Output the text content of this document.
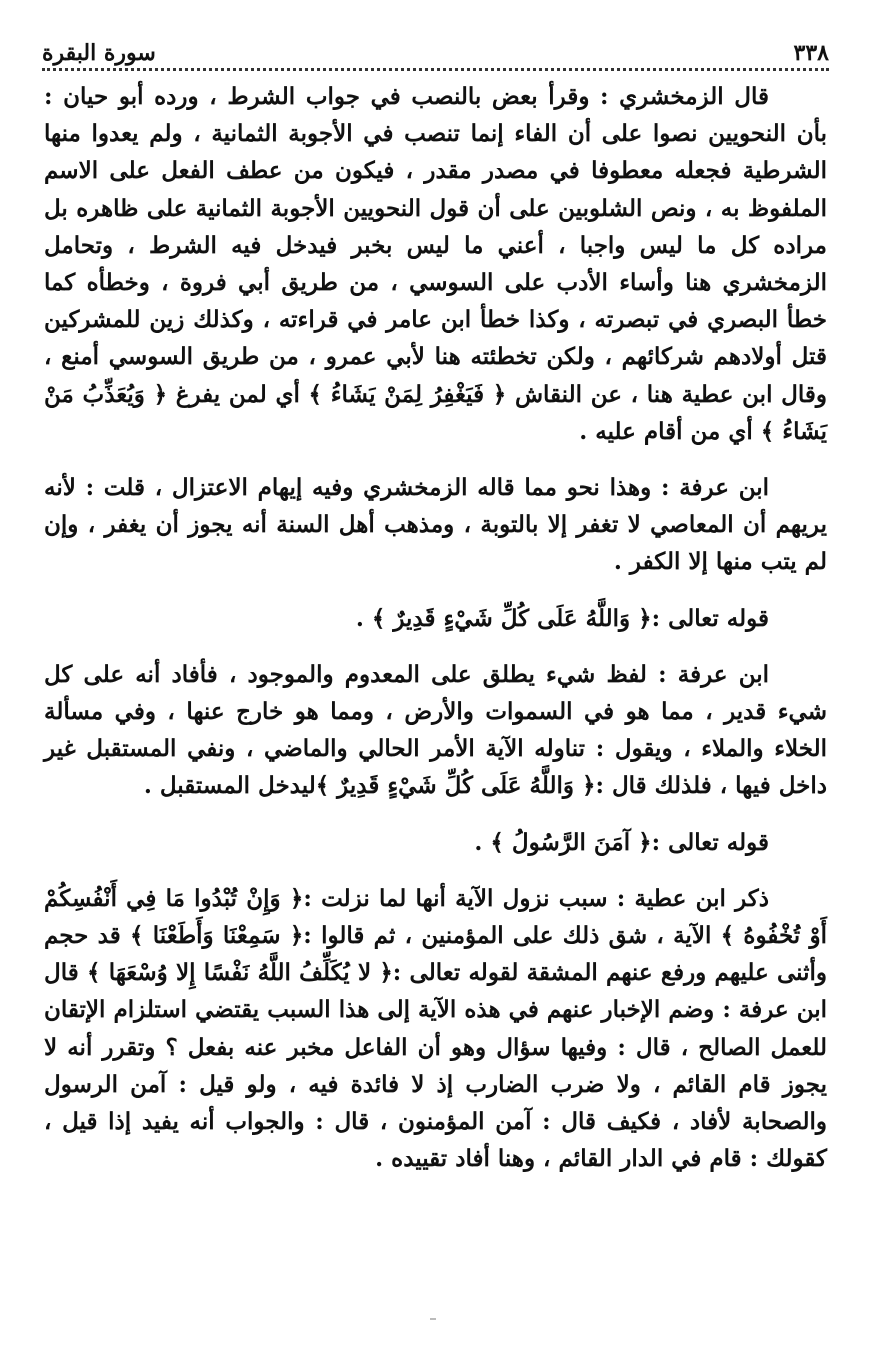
٣٣٨
سورة البقرة

قال الزمخشري : وقرأ بعض بالنصب في جواب الشرط ، ورده أبو حيان : بأن النحويين نصوا على أن الفاء إنما تنصب في الأجوبة الثمانية ، ولم يعدوا منها الشرطية فجعله معطوفا في مصدر مقدر ، فيكون من عطف الفعل على الاسم الملفوظ به ، ونص الشلوبين على أن قول النحويين الأجوبة الثمانية على ظاهره بل مراده كل ما ليس واجبا ، أعني ما ليس بخبر فيدخل فيه الشرط ، وتحامل الزمخشري هنا وأساء الأدب على السوسي ، من طريق أبي فروة ، وخطأه كما خطأ البصري في تبصرته ، وكذا خطأ ابن عامر في قراءته ، وكذلك زين للمشركين قتل أولادهم شركائهم ، ولكن تخطئته هنا لأبي عمرو ، من طريق السوسي أمنع ، وقال ابن عطية هنا ، عن النقاش ﴿ فَيَغْفِرُ لِمَنْ يَشَاءُ ﴾ أي لمن يفرغ ﴿ وَيُعَذِّبُ مَنْ يَشَاءُ ﴾ أي من أقام عليه .

ابن عرفة : وهذا نحو مما قاله الزمخشري وفيه إيهام الاعتزال ، قلت : لأنه يريهم أن المعاصي لا تغفر إلا بالتوبة ، ومذهب أهل السنة أنه يجوز أن يغفر ، وإن لم يتب منها إلا الكفر .

قوله تعالى :﴿ وَاللَّهُ عَلَى كُلِّ شَيْءٍ قَدِيرٌ ﴾ .

ابن عرفة : لفظ شيء يطلق على المعدوم والموجود ، فأفاد أنه على كل شيء قدير ، مما هو في السموات والأرض ، ومما هو خارج عنها ، وفي مسألة الخلاء والملاء ، ويقول : تناوله الآية الأمر الحالي والماضي ، ونفي المستقبل غير داخل فيها ، فلذلك قال :﴿ وَاللَّهُ عَلَى كُلِّ شَيْءٍ قَدِيرٌ ﴾ليدخل المستقبل .

قوله تعالى :﴿ آمَنَ الرَّسُولُ ﴾ .

ذكر ابن عطية : سبب نزول الآية أنها لما نزلت :﴿ وَإِنْ تُبْدُوا مَا فِي أَنْفُسِكُمْ أَوْ تُخْفُوهُ ﴾ الآية ، شق ذلك على المؤمنين ، ثم قالوا :﴿ سَمِعْنَا وَأَطَعْنَا ﴾ قد حجم وأثنى عليهم ورفع عنهم المشقة لقوله تعالى :﴿ لا يُكَلِّفُ اللَّهُ نَفْسًا إِلا وُسْعَهَا ﴾ قال ابن عرفة : وضم الإخبار عنهم في هذه الآية إلى هذا السبب يقتضي استلزام الإتقان للعمل الصالح ، قال : وفيها سؤال وهو أن الفاعل مخبر عنه بفعل ؟ وتقرر أنه لا يجوز قام القائم ، ولا ضرب الضارب إذ لا فائدة فيه ، ولو قيل : آمن الرسول والصحابة لأفاد ، فكيف قال : آمن المؤمنون ، قال : والجواب أنه يفيد إذا قيل ، كقولك : قام في الدار القائم ، وهنا أفاد تقييده .
